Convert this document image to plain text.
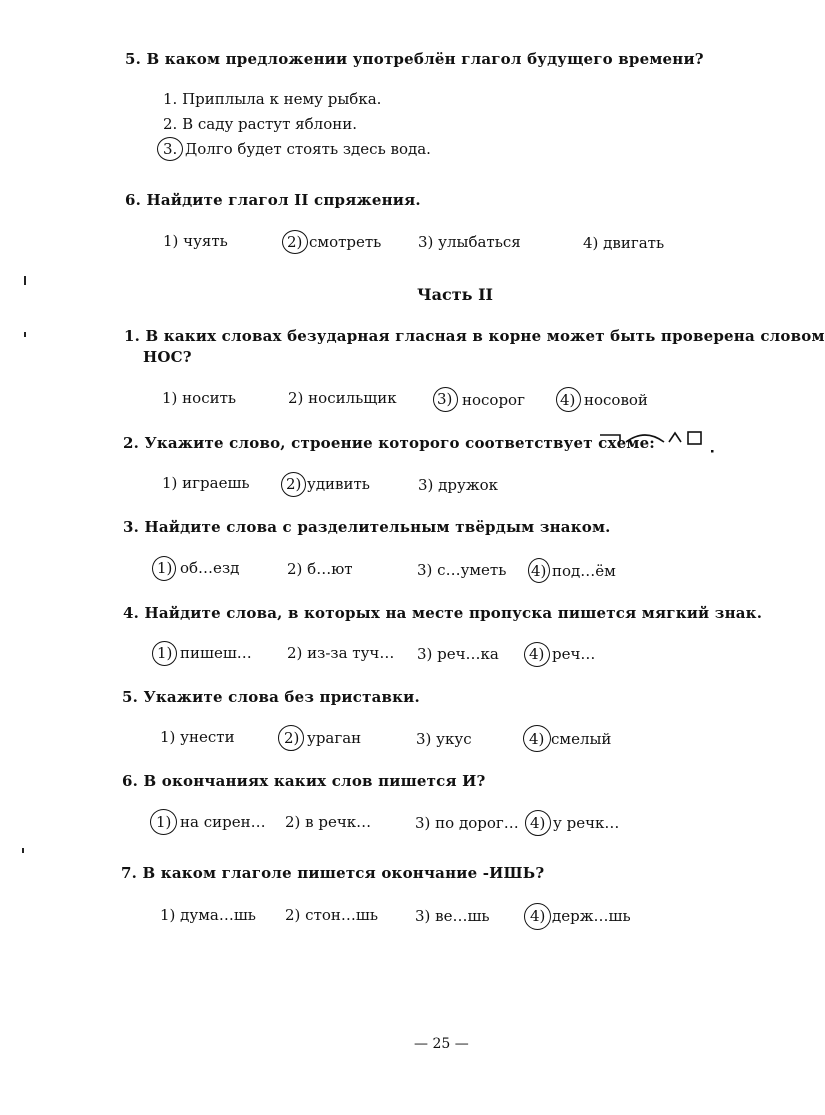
5. В каком предложении употреблён глагол будущего времени?
1. Приплыла к нему рыбка.
2. В саду растут яблони.
3. Долго будет стоять здесь вода.
6. Найдите глагол II спряжения.
1) чуять	2) смотреть 3) улыбаться	4) двигать
Часть II
1. В каких словах безударная гласная в корне может быть проверена словом
НОС?
1) носить	2) носильщик	3) носорог 4) носовой
2. Укажите слово, строение которого соответствует схеме:
1) играешь 2) удивить	3) дружок
3. Найдите слова с разделительным твёрдым знаком.
1) об…езд	2) б…ют	3) с…уметь 4) под…ём
4. Найдите слова, в которых на месте пропуска пишется мягкий знак.
1) пишеш… 2) из-за туч… 3) реч…ка 4) реч…
5. Укажите слова без приставки.
1) унести	2) ураган	3) укус	4) смелый
6. В окончаниях каких слов пишется И?
1) на сирен… 2) в речк…	3) по дорог… 4) у речк…
7. В каком глаголе пишется окончание -ИШЬ?
1) дума…шь 2) стон…шь 3) ве…шь	4) держ…шь
— 25 —
